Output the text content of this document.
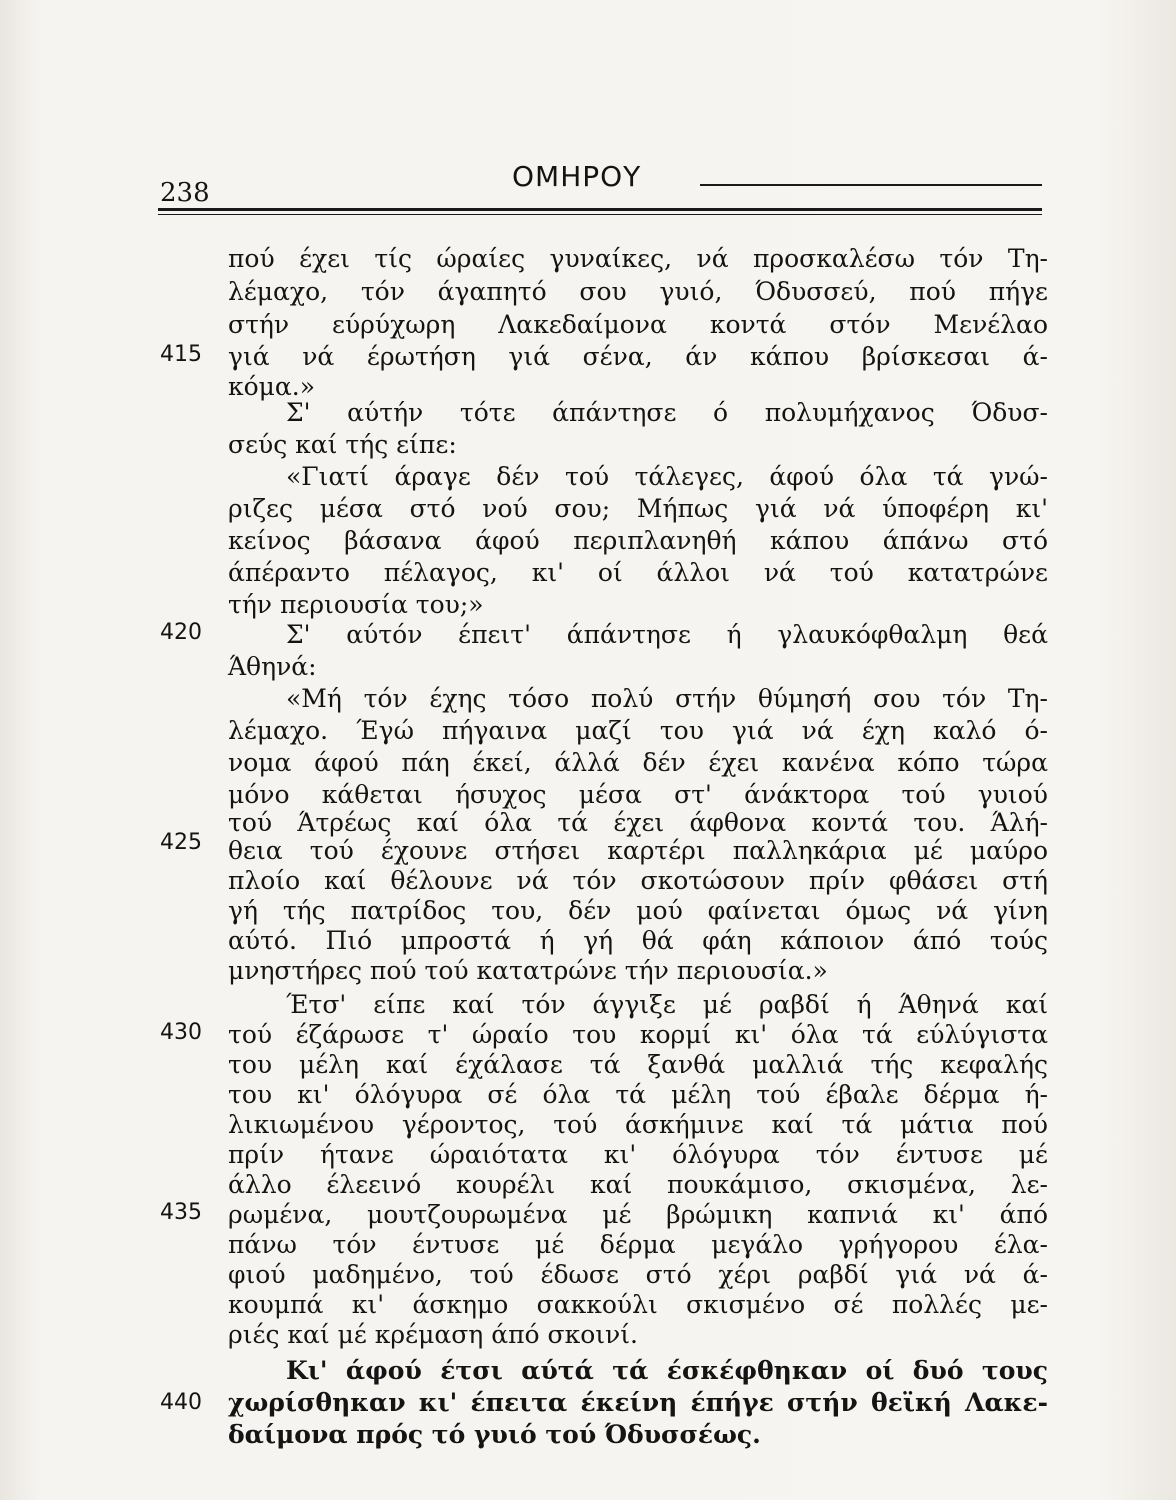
238	ΟΜΗΡΟΥ
415
420
425
430
435
440
πού έχει τίς ώραίες γυναίκες, νά προσκαλέσω τόν Τη-
λέμαχο, τόν άγαπητό σου γυιό, Όδυσσεύ, πού πήγε
στήν εύρύχωρη Λακεδαίμονα κοντά στόν Μενέλαο
γιά νά έρωτήση γιά σένα, άν κάπου βρίσκεσαι ά-
κόμα.»
Σ' αύτήν τότε άπάντησε ό πολυμήχανος Όδυσ-
σεύς καί τής είπε:
«Γιατί άραγε δέν τού τάλεγες, άφού όλα τά γνώ-
ριζες μέσα στό νού σου; Μήπως γιά νά ύποφέρη κι'
κείνος βάσανα άφού περιπλανηθή κάπου άπάνω στό
άπέραντο πέλαγος, κι' οί άλλοι νά τού κατατρώνε
τήν περιουσία του;»
Σ' αύτόν έπειτ' άπάντησε ή γλαυκόφθαλμη θεά
Άθηνά:
«Μή τόν έχης τόσο πολύ στήν θύμησή σου τόν Τη-
λέμαχο. Έγώ πήγαινα μαζί του γιά νά έχη καλό ό-
νομα άφού πάη έκεί, άλλά δέν έχει κανένα κόπο τώρα
μόνο κάθεται ήσυχος μέσα στ' άνάκτορα τού γυιού
τού Άτρέως καί όλα τά έχει άφθονα κοντά του. Άλή-
θεια τού έχουνε στήσει καρτέρι παλληκάρια μέ μαύρο
πλοίο καί θέλουνε νά τόν σκοτώσουν πρίν φθάσει στή
γή τής πατρίδος του, δέν μού φαίνεται όμως νά γίνη
αύτό. Πιό μπροστά ή γή θά φάη κάποιον άπό τούς
μνηστήρες πού τού κατατρώνε τήν περιουσία.»
Έτσ' είπε καί τόν άγγιξε μέ ραβδί ή Άθηνά καί
τού έζάρωσε τ' ώραίο του κορμί κι' όλα τά εύλύγιστα
του μέλη καί έχάλασε τά ξανθά μαλλιά τής κεφαλής
του κι' όλόγυρα σέ όλα τά μέλη τού έβαλε δέρμα ή-
λικιωμένου γέροντος, τού άσκήμινε καί τά μάτια πού
πρίν ήτανε ώραιότατα κι' όλόγυρα τόν έντυσε μέ
άλλο έλεεινό κουρέλι καί πουκάμισο, σκισμένα, λε-
ρωμένα, μουτζουρωμένα μέ βρώμικη καπνιά κι' άπό
πάνω τόν έντυσε μέ δέρμα μεγάλο γρήγορου έλα-
φιού μαδημένο, τού έδωσε στό χέρι ραβδί γιά νά ά-
κουμπά κι' άσκημο σακκούλι σκισμένο σέ πολλές με-
ριές καί μέ κρέμαση άπό σκοινί.
Κι' άφού έτσι αύτά τά έσκέφθηκαν οί δυό τους
χωρίσθηκαν κι' έπειτα έκείνη έπήγε στήν θεϊκή Λακε-
δαίμονα πρός τό γυιό τού Όδυσσέως.
